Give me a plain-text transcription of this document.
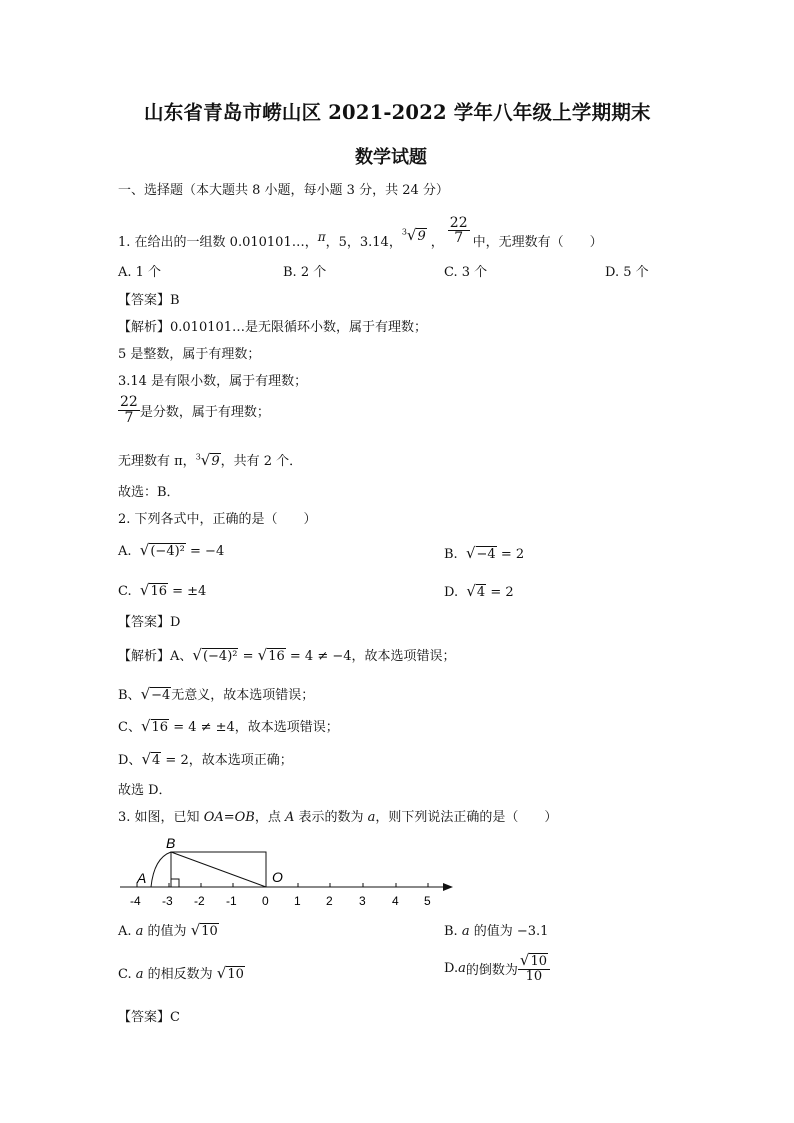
山东省青岛市崂山区 2021-2022 学年八年级上学期期末
数学试题
一、选择题（本大题共 8 小题，每小题 3 分，共 24 分）
1.
在给出的一组数 0.010101…， π ，5，3.14，
$^3$√9 ， $\frac{22}{7}$ 中，无理数有（　　）
A. 1 个	B. 2 个	C. 3 个	D. 5 个
【答案】B
【解析】0.010101…是无限循环小数，属于有理数；
5 是整数，属于有理数；
3.14 是有限小数，属于有理数；
$\frac{22}{7}$ 是分数，属于有理数；
无理数有 π，$^3$√9，共有 2 个．
故选：B．
2. 下列各式中，正确的是（　　）
A. √(−4)² = −4	B. √−4 = 2
C. √16 = ±4	D. √4 = 2
【答案】D
【解析】A、√(−4)² = √16 = 4 ≠ −4，故本选项错误；
B、√−4无意义，故本选项错误；
C、√16 = 4 ≠ ±4，故本选项错误；
D、√4 = 2，故本选项正确；
故选 D．
3. 如图，已知 OA=OB，点 A 表示的数为 a，则下列说法正确的是（　　）
B
A	O
-4 -3 -2 -1 0 1 2 3 4 5
A. a 的值为 √10	B. a 的值为 −3.1
C. a 的相反数为 √10	D. a 的倒数为 $\frac{√10}{10}$
【答案】C
